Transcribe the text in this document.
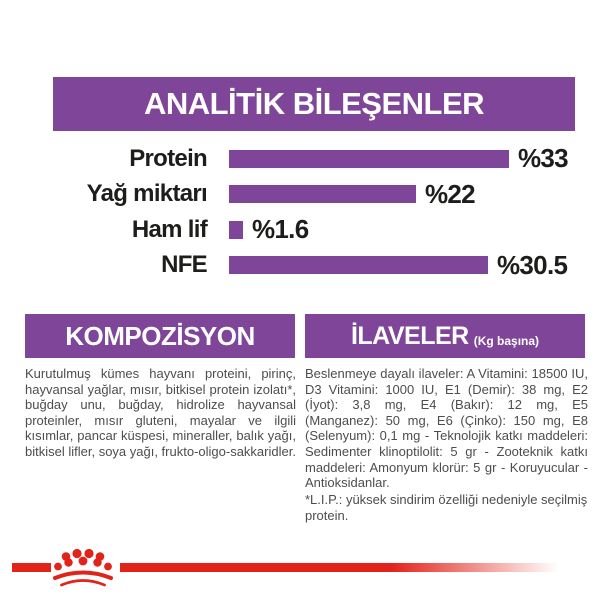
ANALİTİK BİLEŞENLER
Protein	%33
Yağ miktarı	%22
Ham lif %1.6
NFE	%30.5
KOMPOZİSYON	İLAVELER (Kg başına)

Kurutulmuş kümes hayvanı proteini, pirinç, hayvansal yağlar, mısır, bitkisel protein izolatı*, buğday unu, buğday, hidrolize hayvansal proteinler, mısır gluteni, mayalar ve ilgili kısımlar, pancar küspesi, mineraller, balık yağı, bitkisel lifler, soya yağı, frukto-oligo-sakkaridler.

Beslenmeye dayalı ilaveler: A Vitamini: 18500 IU, D3 Vitamini: 1000 IU, E1 (Demir): 38 mg, E2 (İyot): 3,8 mg, E4 (Bakır): 12 mg, E5 (Manganez): 50 mg, E6 (Çinko): 150 mg, E8 (Selenyum): 0,1 mg - Teknolojik katkı maddeleri: Sedimenter klinoptilolit: 5 gr - Zooteknik katkı maddeleri: Amonyum klorür: 5 gr - Koruyucular - Antioksidanlar.

*L.I.P.: yüksek sindirim özelliği nedeniyle seçilmiş protein.
